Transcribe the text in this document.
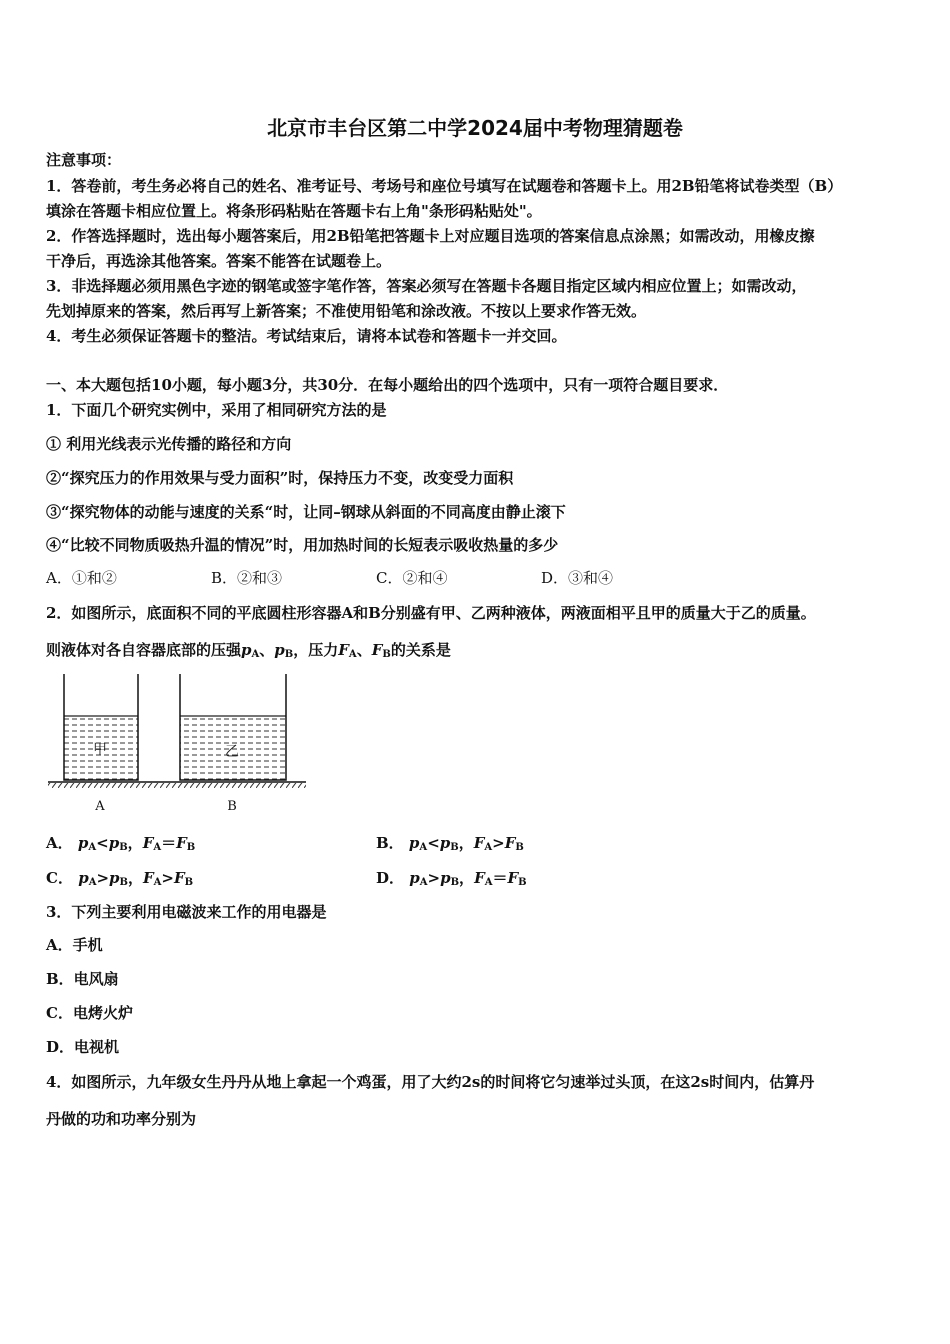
北京市丰台区第二中学2024届中考物理猜题卷
注意事项：
1．答卷前，考生务必将自己的姓名、准考证号、考场号和座位号填写在试题卷和答题卡上。用2B铅笔将试卷类型（B）
填涂在答题卡相应位置上。将条形码粘贴在答题卡右上角"条形码粘贴处"。
2．作答选择题时，选出每小题答案后，用2B铅笔把答题卡上对应题目选项的答案信息点涂黑；如需改动，用橡皮擦
干净后，再选涂其他答案。答案不能答在试题卷上。
3．非选择题必须用黑色字迹的钢笔或签字笔作答，答案必须写在答题卡各题目指定区域内相应位置上；如需改动，
先划掉原来的答案，然后再写上新答案；不准使用铅笔和涂改液。不按以上要求作答无效。
4．考生必须保证答题卡的整洁。考试结束后，请将本试卷和答题卡一并交回。
一、本大题包括10小题，每小题3分，共30分．在每小题给出的四个选项中，只有一项符合题目要求．
1．下面几个研究实例中，采用了相同研究方法的是
① 利用光线表示光传播的路径和方向
②“探究压力的作用效果与受力面积”时，保持压力不变，改变受力面积
③“探究物体的动能与速度的关系“时，让同–钢球从斜面的不同高度由静止滚下
④“比较不同物质吸热升温的情况”时，用加热时间的长短表示吸收热量的多少
A．①和②	B．②和③	C．②和④	D．③和④
2．如图所示，底面积不同的平底圆柱形容器A和B分别盛有甲、乙两种液体，两液面相平且甲的质量大于乙的质量。
则液体对各自容器底部的压强$p_A$、$p_B$，压力$F_A$、$F_B$的关系是
甲	乙
A	B
A． $p_A<p_B$，$F_A=F_B$	B． $p_A<p_B$，$F_A>F_B$
C． $p_A>p_B$，$F_A>F_B$	D． $p_A>p_B$，$F_A=F_B$
3．下列主要利用电磁波来工作的用电器是
A．手机
B．电风扇
C．电烤火炉
D．电视机
4．如图所示，九年级女生丹丹从地上拿起一个鸡蛋，用了大约2s的时间将它匀速举过头顶，在这2s时间内，估算丹
丹做的功和功率分别为
